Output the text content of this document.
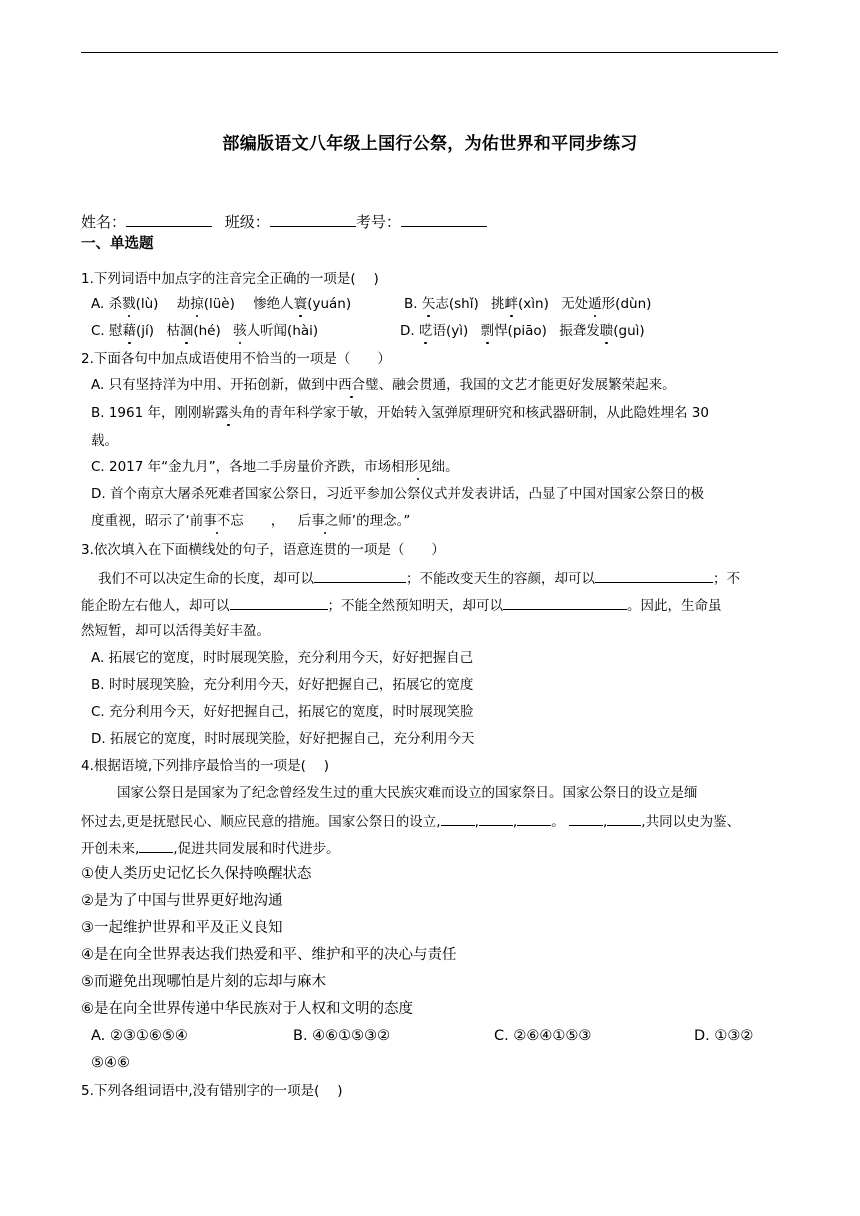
部编版语文八年级上国行公祭，为佑世界和平同步练习
姓名：	班级：	考号：
一、单选题
1.下列词语中加点字的注音完全正确的一项是(  )
A. 杀戮(lù) 劫掠(lüè) 惨绝人寰(yuán)	B. 矢志(shǐ) 挑衅(xìn) 无处遁形(dùn)
C. 慰藉(jí) 枯涸(hé) 骇人听闻(hài)	D. 呓语(yì) 剽悍(piāo) 振聋发聩(guì)
2.下面各句中加点成语使用不恰当的一项是（  ）
A. 只有坚持洋为中用、开拓创新，做到中西合璧、融会贯通，我国的文艺才能更好发展繁荣起来。
B. 1961 年，刚刚崭露头角的青年科学家于敏，开始转入氢弹原理研究和核武器研制，从此隐姓埋名 30
载。
C. 2017 年“金九月”，各地二手房量价齐跌，市场相形见绌。
D. 首个南京大屠杀死难者国家公祭日，习近平参加公祭仪式并发表讲话，凸显了中国对国家公祭日的极
度重视，昭示了‘前事不忘  ， 后事之师’的理念。”
3.依次填入在下面横线处的句子，语意连贯的一项是（  ）
我们不可以决定生命的长度，却可以	；不能改变天生的容颜，却可以	；不
能企盼左右他人，却可以	；不能全然预知明天，却可以	。因此，生命虽
然短暂，却可以活得美好丰盈。
A. 拓展它的宽度，时时展现笑脸，充分利用今天，好好把握自己
B. 时时展现笑脸，充分利用今天，好好把握自己，拓展它的宽度
C. 充分利用今天，好好把握自己，拓展它的宽度，时时展现笑脸
D. 拓展它的宽度，时时展现笑脸，好好把握自己，充分利用今天
4.根据语境,下列排序最恰当的一项是(  )
国家公祭日是国家为了纪念曾经发生过的重大民族灾难而设立的国家祭日。国家公祭日的设立是缅
怀过去,更是抚慰民心、顺应民意的措施。国家公祭日的设立,	,	,	。	,	,共同以史为鉴、
开创未来,	,促进共同发展和时代进步。
①使人类历史记忆长久保持唤醒状态
②是为了中国与世界更好地沟通
③一起维护世界和平及正义良知
④是在向全世界表达我们热爱和平、维护和平的决心与责任
⑤而避免出现哪怕是片刻的忘却与麻木
⑥是在向全世界传递中华民族对于人权和文明的态度
A. ②③①⑥⑤④	B. ④⑥①⑤③②	C. ②⑥④①⑤③	D. ①③②
⑤④⑥
5.下列各组词语中,没有错别字的一项是(  )
